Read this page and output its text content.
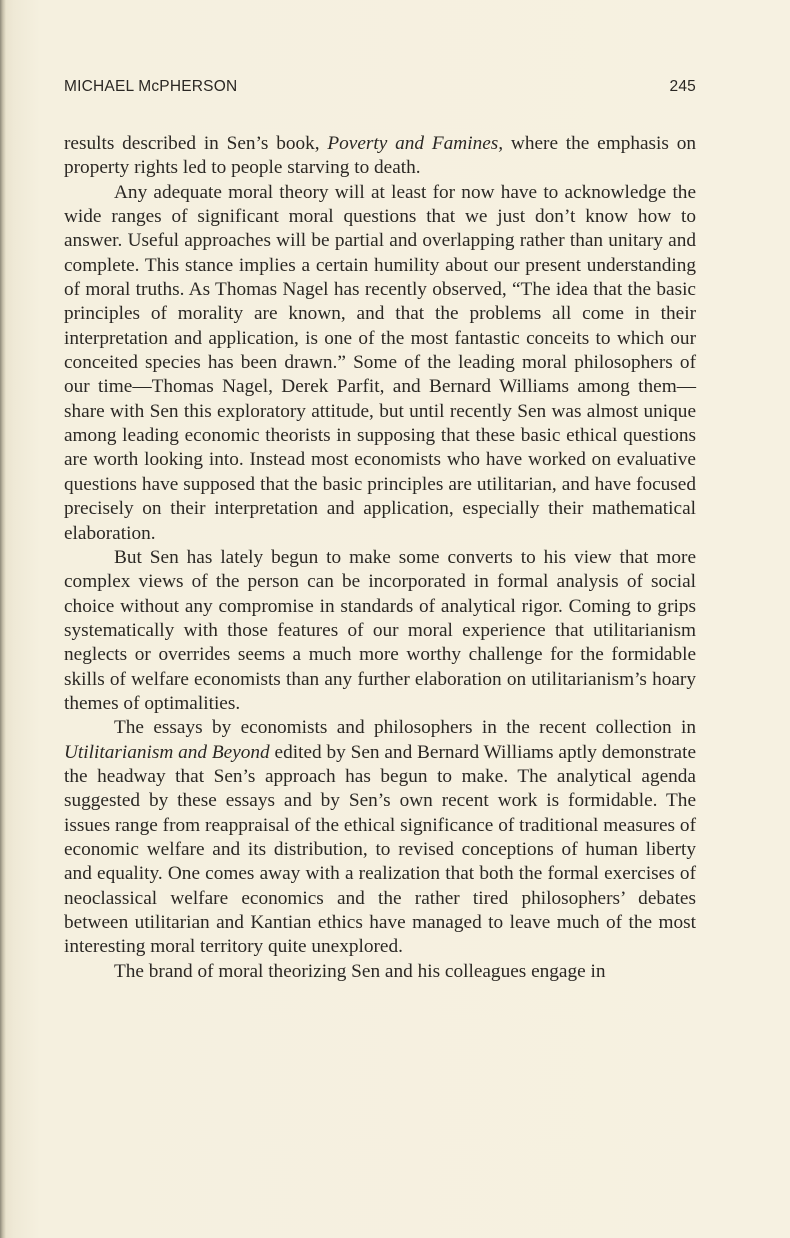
MICHAEL McPHERSON	245

results described in Sen’s book, Poverty and Famines, where the emphasis on property rights led to people starving to death.

Any adequate moral theory will at least for now have to acknowledge the wide ranges of significant moral questions that we just don’t know how to answer. Useful approaches will be partial and overlapping rather than unitary and complete. This stance implies a certain humility about our present understanding of moral truths. As Thomas Nagel has recently observed, “The idea that the basic principles of morality are known, and that the problems all come in their interpretation and application, is one of the most fantastic conceits to which our conceited species has been drawn.” Some of the leading moral philosophers of our time—Thomas Nagel, Derek Parfit, and Bernard Williams among them—share with Sen this exploratory attitude, but until recently Sen was almost unique among leading economic theorists in supposing that these basic ethical questions are worth looking into. Instead most economists who have worked on evaluative questions have supposed that the basic principles are utilitarian, and have focused precisely on their interpretation and application, especially their mathematical elaboration.

But Sen has lately begun to make some converts to his view that more complex views of the person can be incorporated in formal analysis of social choice without any compromise in standards of analytical rigor. Coming to grips systematically with those features of our moral experience that utilitarianism neglects or overrides seems a much more worthy challenge for the formidable skills of welfare economists than any further elaboration on utilitarianism’s hoary themes of optimalities.

The essays by economists and philosophers in the recent collection in Utilitarianism and Beyond edited by Sen and Bernard Williams aptly demonstrate the headway that Sen’s approach has begun to make. The analytical agenda suggested by these essays and by Sen’s own recent work is formidable. The issues range from reappraisal of the ethical significance of traditional measures of economic welfare and its distribution, to revised conceptions of human liberty and equality. One comes away with a realization that both the formal exercises of neoclassical welfare economics and the rather tired philosophers’ debates between utilitarian and Kantian ethics have managed to leave much of the most interesting moral territory quite unexplored.

The brand of moral theorizing Sen and his colleagues engage in
